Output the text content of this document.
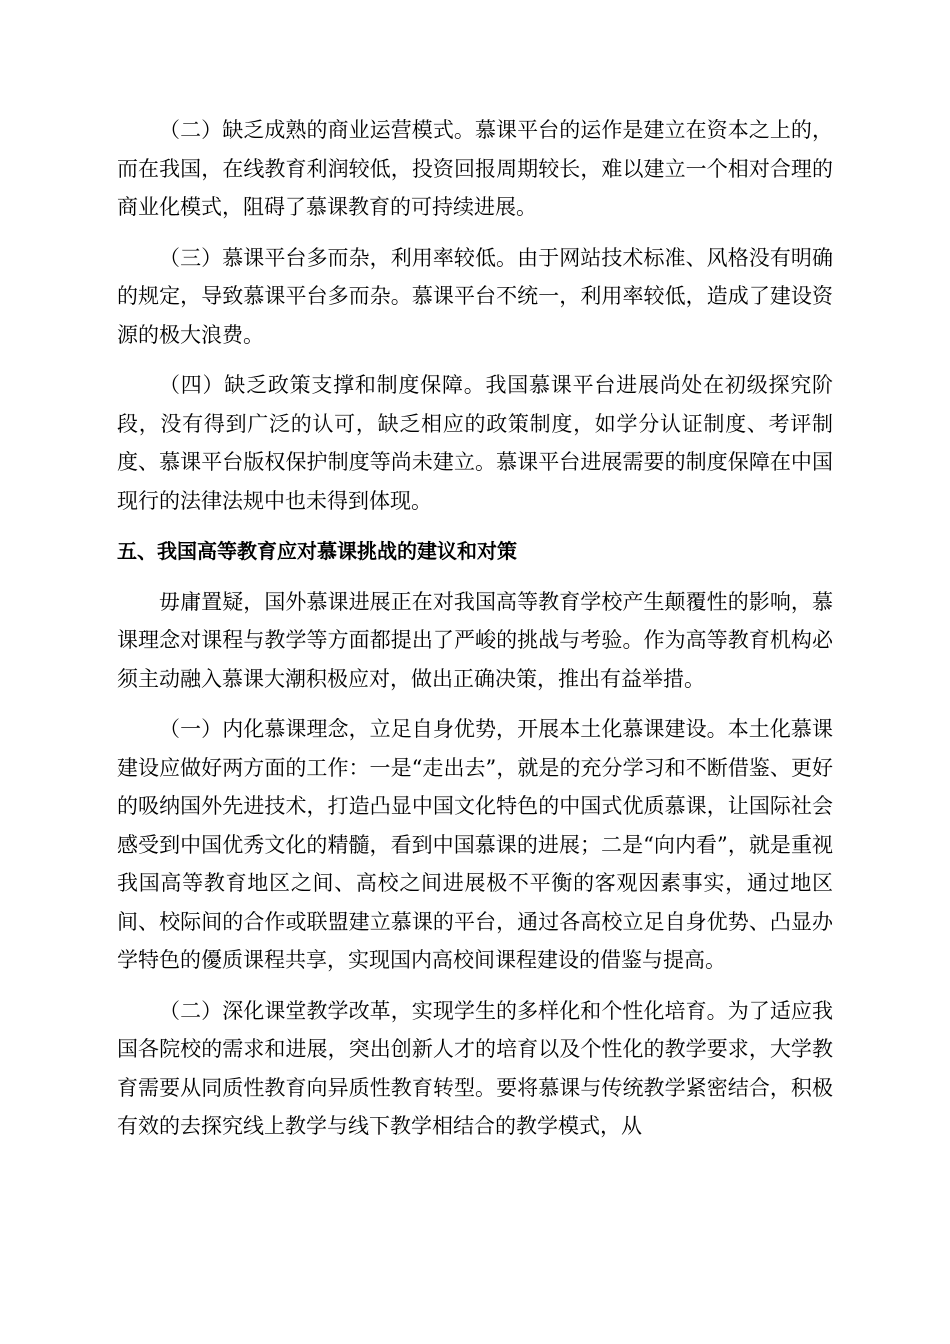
（二）缺乏成熟的商业运营模式。慕课平台的运作是建立在资本之上的，而在我国，在线教育利润较低，投资回报周期较长，难以建立一个相对合理的商业化模式，阻碍了慕课教育的可持续进展。

（三）慕课平台多而杂，利用率较低。由于网站技术标准、风格没有明确的规定，导致慕课平台多而杂。慕课平台不统一，利用率较低，造成了建设资源的极大浪费。

（四）缺乏政策支撑和制度保障。我国慕课平台进展尚处在初级探究阶段，没有得到广泛的认可，缺乏相应的政策制度，如学分认证制度、考评制度、慕课平台版权保护制度等尚未建立。慕课平台进展需要的制度保障在中国现行的法律法规中也未得到体现。

五、我国高等教育应对慕课挑战的建议和对策

毋庸置疑，国外慕课进展正在对我国高等教育学校产生颠覆性的影响，慕课理念对课程与教学等方面都提出了严峻的挑战与考验。作为高等教育机构必须主动融入慕课大潮积极应对，做出正确决策，推出有益举措。

（一）内化慕课理念，立足自身优势，开展本土化慕课建设。本土化慕课建设应做好两方面的工作：一是“走出去”，就是的充分学习和不断借鉴、更好的吸纳国外先进技术，打造凸显中国文化特色的中国式优质慕课，让国际社会感受到中国优秀文化的精髓，看到中国慕课的进展；二是“向内看”，就是重视我国高等教育地区之间、高校之间进展极不平衡的客观因素事实，通过地区间、校际间的合作或联盟建立慕课的平台，通过各高校立足自身优势、凸显办学特色的優质课程共享，实现国内高校间课程建设的借鉴与提高。

（二）深化课堂教学改革，实现学生的多样化和个性化培育。为了适应我国各院校的需求和进展，突出创新人才的培育以及个性化的教学要求，大学教育需要从同质性教育向异质性教育转型。要将慕课与传统教学紧密结合，积极有效的去探究线上教学与线下教学相结合的教学模式，从
